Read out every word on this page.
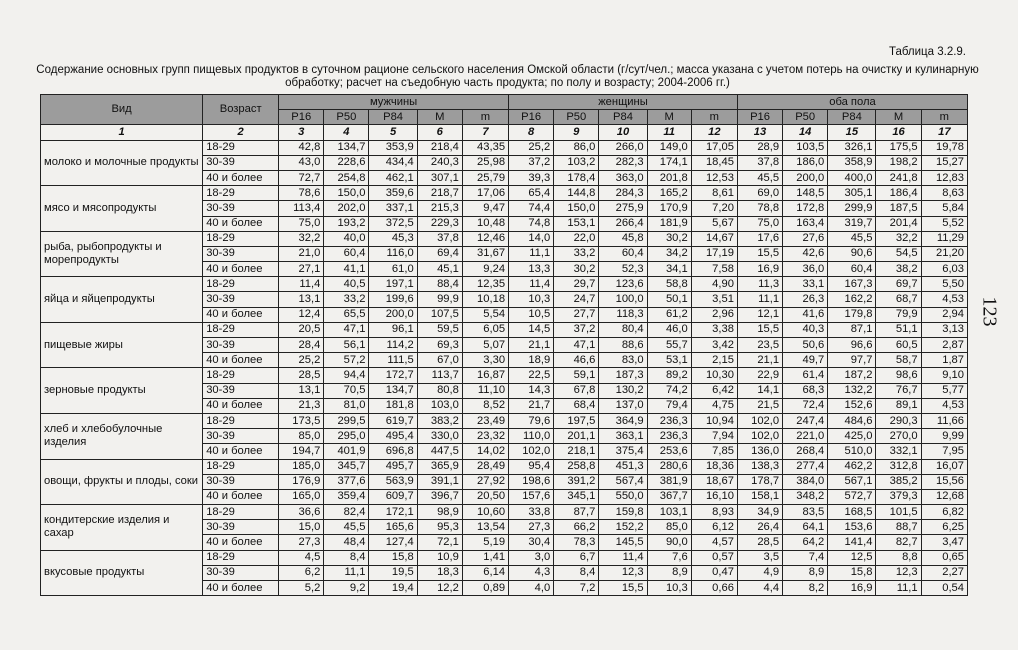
Таблица 3.2.9.
Содержание основных групп пищевых продуктов в суточном рационе сельского населения Омской области (г/сут/чел.; масса указана с учетом потерь на очистку и кулинарную обработку; расчет на съедобную часть продукта; по полу и возрасту; 2004-2006 гг.)
123
Вид	Возраст	мужчины					женщины					оба пола				
		P16	P50	P84	M	m	P16	P50	P84	M	m	P16	P50	P84	M	m
1	2	3	4	5	6	7	8	9	10	11	12	13	14	15	16	17
молоко и молочные продукты	18-29	42,8	134,7	353,9	218,4	43,35	25,2	86,0	266,0	149,0	17,05	28,9	103,5	326,1	175,5	19,78
	30-39	43,0	228,6	434,4	240,3	25,98	37,2	103,2	282,3	174,1	18,45	37,8	186,0	358,9	198,2	15,27
	40 и более	72,7	254,8	462,1	307,1	25,79	39,3	178,4	363,0	201,8	12,53	45,5	200,0	400,0	241,8	12,83
мясо и мясопродукты	18-29	78,6	150,0	359,6	218,7	17,06	65,4	144,8	284,3	165,2	8,61	69,0	148,5	305,1	186,4	8,63
	30-39	113,4	202,0	337,1	215,3	9,47	74,4	150,0	275,9	170,9	7,20	78,8	172,8	299,9	187,5	5,84
	40 и более	75,0	193,2	372,5	229,3	10,48	74,8	153,1	266,4	181,9	5,67	75,0	163,4	319,7	201,4	5,52
рыба, рыбопродукты и морепродукты	18-29	32,2	40,0	45,3	37,8	12,46	14,0	22,0	45,8	30,2	14,67	17,6	27,6	45,5	32,2	11,29
	30-39	21,0	60,4	116,0	69,4	31,67	11,1	33,2	60,4	34,2	17,19	15,5	42,6	90,6	54,5	21,20
	40 и более	27,1	41,1	61,0	45,1	9,24	13,3	30,2	52,3	34,1	7,58	16,9	36,0	60,4	38,2	6,03
яйца и яйцепродукты	18-29	11,4	40,5	197,1	88,4	12,35	11,4	29,7	123,6	58,8	4,90	11,3	33,1	167,3	69,7	5,50
	30-39	13,1	33,2	199,6	99,9	10,18	10,3	24,7	100,0	50,1	3,51	11,1	26,3	162,2	68,7	4,53
	40 и более	12,4	65,5	200,0	107,5	5,54	10,5	27,7	118,3	61,2	2,96	12,1	41,6	179,8	79,9	2,94
пищевые жиры	18-29	20,5	47,1	96,1	59,5	6,05	14,5	37,2	80,4	46,0	3,38	15,5	40,3	87,1	51,1	3,13
	30-39	28,4	56,1	114,2	69,3	5,07	21,1	47,1	88,6	55,7	3,42	23,5	50,6	96,6	60,5	2,87
	40 и более	25,2	57,2	111,5	67,0	3,30	18,9	46,6	83,0	53,1	2,15	21,1	49,7	97,7	58,7	1,87
зерновые продукты	18-29	28,5	94,4	172,7	113,7	16,87	22,5	59,1	187,3	89,2	10,30	22,9	61,4	187,2	98,6	9,10
	30-39	13,1	70,5	134,7	80,8	11,10	14,3	67,8	130,2	74,2	6,42	14,1	68,3	132,2	76,7	5,77
	40 и более	21,3	81,0	181,8	103,0	8,52	21,7	68,4	137,0	79,4	4,75	21,5	72,4	152,6	89,1	4,53
хлеб и хлебобулочные изделия	18-29	173,5	299,5	619,7	383,2	23,49	79,6	197,5	364,9	236,3	10,94	102,0	247,4	484,6	290,3	11,66
	30-39	85,0	295,0	495,4	330,0	23,32	110,0	201,1	363,1	236,3	7,94	102,0	221,0	425,0	270,0	9,99
	40 и более	194,7	401,9	696,8	447,5	14,02	102,0	218,1	375,4	253,6	7,85	136,0	268,4	510,0	332,1	7,95
овощи, фрукты и плоды, соки	18-29	185,0	345,7	495,7	365,9	28,49	95,4	258,8	451,3	280,6	18,36	138,3	277,4	462,2	312,8	16,07
	30-39	176,9	377,6	563,9	391,1	27,92	198,6	391,2	567,4	381,9	18,67	178,7	384,0	567,1	385,2	15,56
	40 и более	165,0	359,4	609,7	396,7	20,50	157,6	345,1	550,0	367,7	16,10	158,1	348,2	572,7	379,3	12,68
кондитерские изделия и сахар	18-29	36,6	82,4	172,1	98,9	10,60	33,8	87,7	159,8	103,1	8,93	34,9	83,5	168,5	101,5	6,82
	30-39	15,0	45,5	165,6	95,3	13,54	27,3	66,2	152,2	85,0	6,12	26,4	64,1	153,6	88,7	6,25
	40 и более	27,3	48,4	127,4	72,1	5,19	30,4	78,3	145,5	90,0	4,57	28,5	64,2	141,4	82,7	3,47
вкусовые продукты	18-29	4,5	8,4	15,8	10,9	1,41	3,0	6,7	11,4	7,6	0,57	3,5	7,4	12,5	8,8	0,65
	30-39	6,2	11,1	19,5	18,3	6,14	4,3	8,4	12,3	8,9	0,47	4,9	8,9	15,8	12,3	2,27
	40 и более	5,2	9,2	19,4	12,2	0,89	4,0	7,2	15,5	10,3	0,66	4,4	8,2	16,9	11,1	0,54
